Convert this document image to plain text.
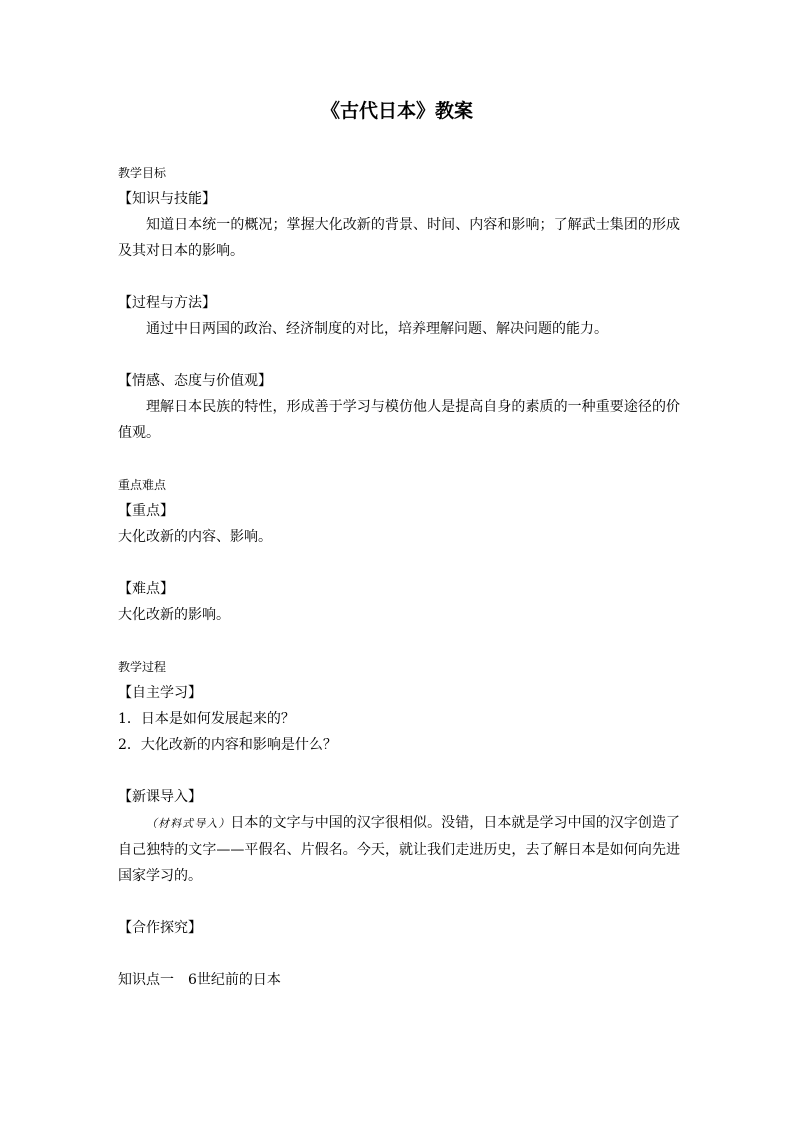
《古代日本》教案

教学目标

【知识与技能】

知道日本统一的概况；掌握大化改新的背景、时间、内容和影响；了解武士集团的形成及其对日本的影响。

【过程与方法】

通过中日两国的政治、经济制度的对比，培养理解问题、解决问题的能力。

【情感、态度与价值观】

理解日本民族的特性，形成善于学习与模仿他人是提高自身的素质的一种重要途径的价值观。

重点难点

【重点】

大化改新的内容、影响。

【难点】

大化改新的影响。

教学过程

【自主学习】

1．日本是如何发展起来的？

2．大化改新的内容和影响是什么？

【新课导入】

（材料式导入）日本的文字与中国的汉字很相似。没错，日本就是学习中国的汉字创造了自己独特的文字——平假名、片假名。今天，就让我们走进历史，去了解日本是如何向先进国家学习的。

【合作探究】

知识点一　6世纪前的日本
